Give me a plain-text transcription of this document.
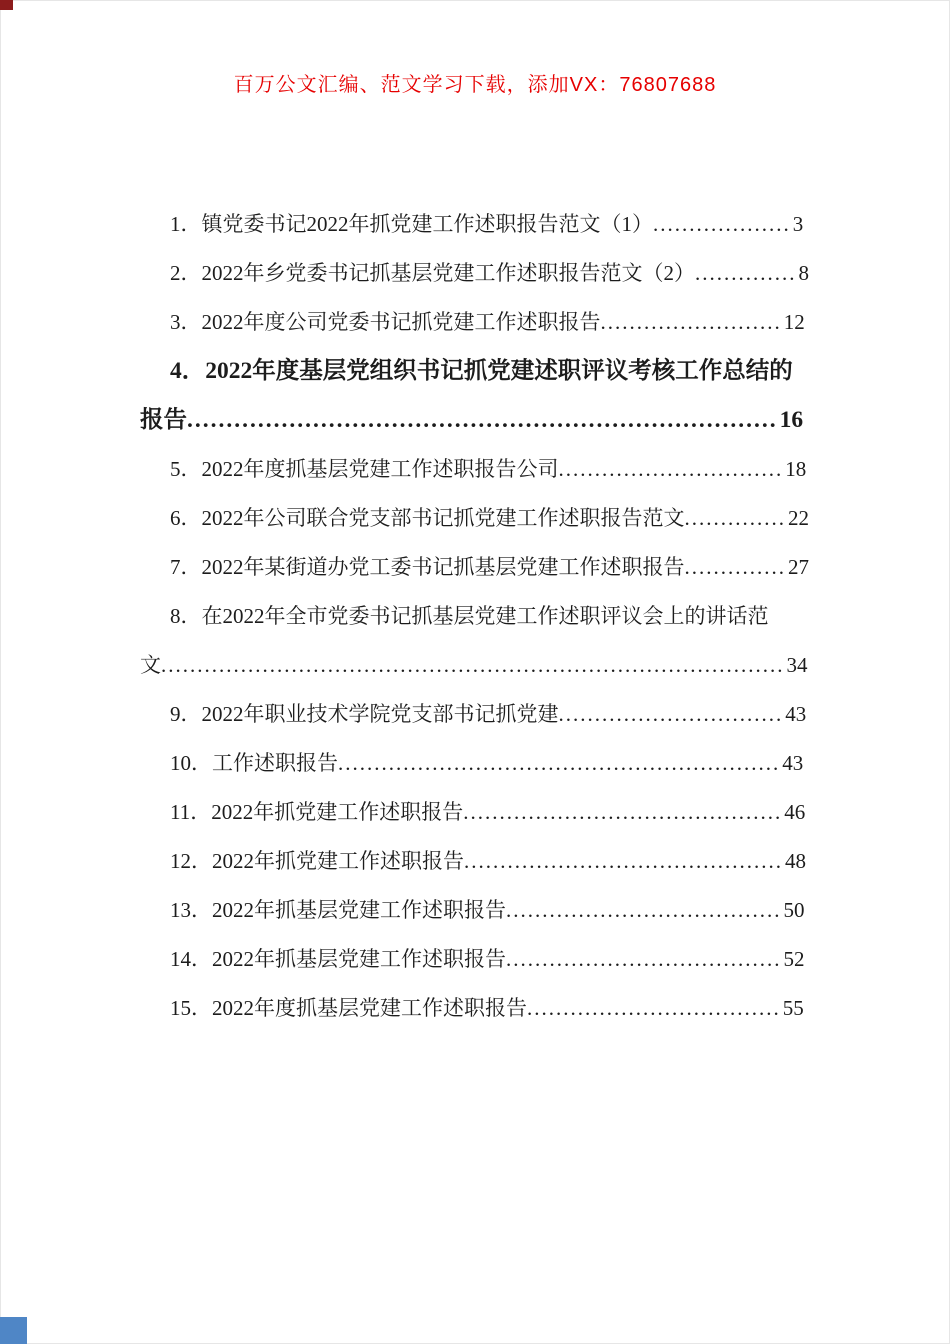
百万公文汇编、范文学习下载，添加VX：76807688

1．镇党委书记2022年抓党建工作述职报告范文（1）...................3

2．2022年乡党委书记抓基层党建工作述职报告范文（2）..............8

3．2022年度公司党委书记抓党建工作述职报告.........................12

4．2022年度基层党组织书记抓党建述职评议考核工作总结的报告...........................................................................16

5．2022年度抓基层党建工作述职报告公司...............................18

6．2022年公司联合党支部书记抓党建工作述职报告范文..............22

7．2022年某街道办党工委书记抓基层党建工作述职报告..............27

8．在2022年全市党委书记抓基层党建工作述职评议会上的讲话范文......................................................................................34

9．2022年职业技术学院党支部书记抓党建...............................43

10．工作述职报告.............................................................43

11．2022年抓党建工作述职报告............................................46

12．2022年抓党建工作述职报告............................................48

13．2022年抓基层党建工作述职报告......................................50

14．2022年抓基层党建工作述职报告......................................52

15．2022年度抓基层党建工作述职报告...................................55
